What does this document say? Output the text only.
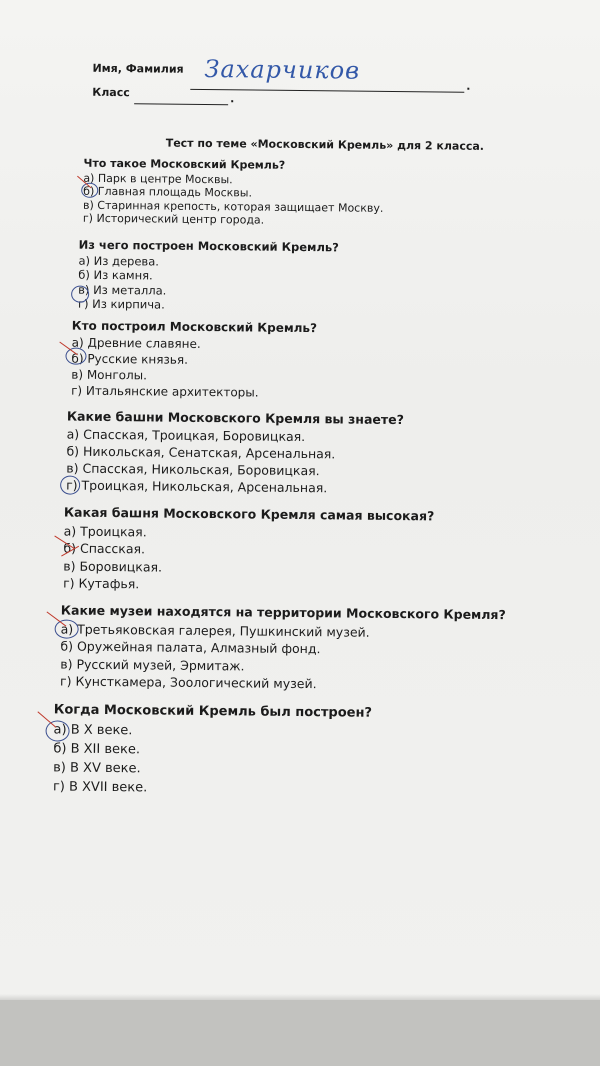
Имя, Фамилия
.
Захарчиков
Класс	.
Тест по теме «Московский Кремль» для 2 класса.
Что такое Московский Кремль?
а) Парк в центре Москвы.
б) Главная площадь Москвы.
в) Старинная крепость, которая защищает Москву.
г) Исторический центр города.
Из чего построен Московский Кремль?
а) Из дерева.
б) Из камня.
в) Из металла.
г) Из кирпича.
Кто построил Московский Кремль?
а) Древние славяне.
б) Русские князья.
в) Монголы.
г) Итальянские архитекторы.
Какие башни Московского Кремля вы знаете?
а) Спасская, Троицкая, Боровицкая.
б) Никольская, Сенатская, Арсенальная.
в) Спасская, Никольская, Боровицкая.
г) Троицкая, Никольская, Арсенальная.
Какая башня Московского Кремля самая высокая?
а) Троицкая.
б) Спасская.
в) Боровицкая.
г) Кутафья.
Какие музеи находятся на территории Московского Кремля?
а) Третьяковская галерея, Пушкинский музей.
б) Оружейная палата, Алмазный фонд.
в) Русский музей, Эрмитаж.
г) Кунсткамера, Зоологический музей.
Когда Московский Кремль был построен?
а) В X веке.
б) В XII веке.
в) В XV веке.
г) В XVII веке.
